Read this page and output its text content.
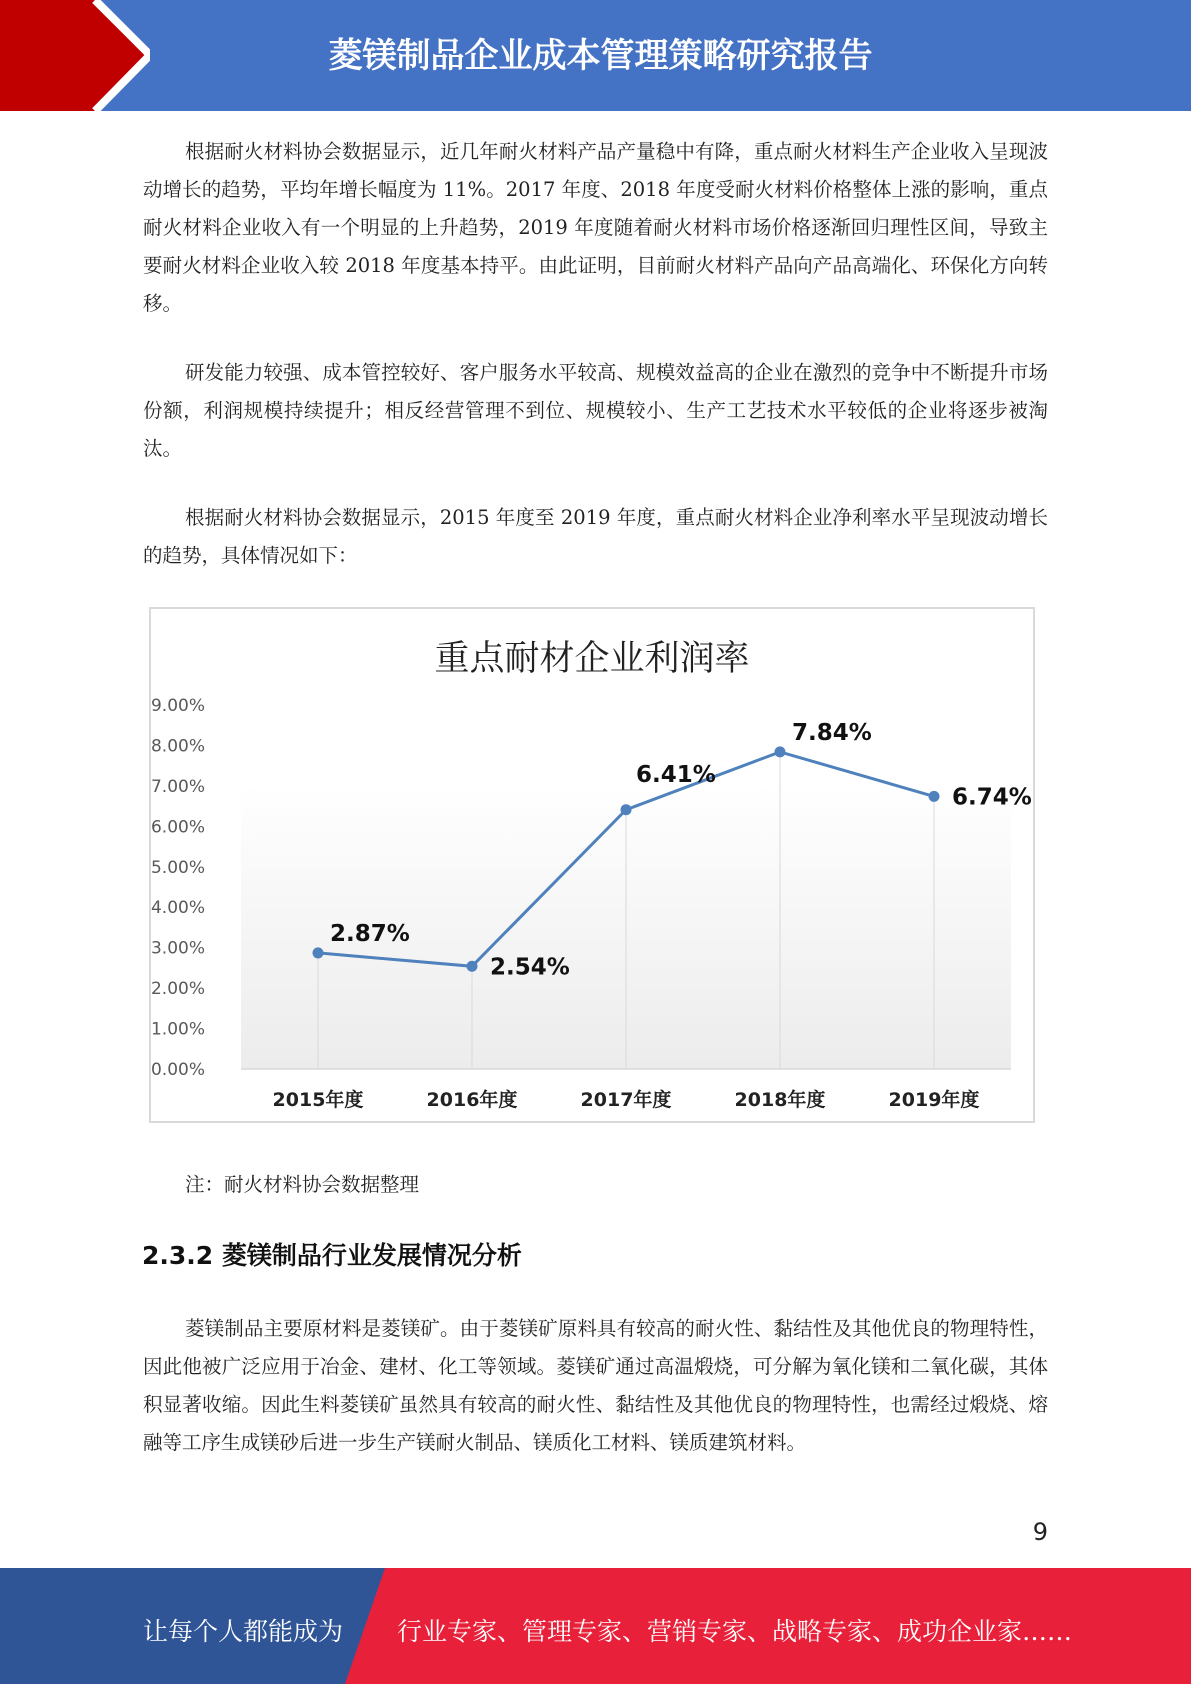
菱镁制品企业成本管理策略研究报告

根据耐火材料协会数据显示，近几年耐火材料产品产量稳中有降，重点耐火材料生产企业收入呈现波动增长的趋势，平均年增长幅度为 11%。2017 年度、2018 年度受耐火材料价格整体上涨的影响，重点耐火材料企业收入有一个明显的上升趋势，2019 年度随着耐火材料市场价格逐渐回归理性区间，导致主要耐火材料企业收入较 2018 年度基本持平。由此证明，目前耐火材料产品向产品高端化、环保化方向转移。

研发能力较强、成本管控较好、客户服务水平较高、规模效益高的企业在激烈的竞争中不断提升市场份额，利润规模持续提升；相反经营管理不到位、规模较小、生产工艺技术水平较低的企业将逐步被淘汰。

根据耐火材料协会数据显示，2015 年度至 2019 年度，重点耐火材料企业净利率水平呈现波动增长的趋势，具体情况如下：

重点耐材企业利润率
0.00%
1.00%
2.00%
3.00%
4.00%
5.00%
6.00%
7.00%
8.00%
9.00%
2015年度	2016年度	2017年度	2018年度	2019年度
2.87%
2.54%
6.41%
7.84%
6.74%
注：耐火材料协会数据整理
2.3.2 菱镁制品行业发展情况分析

菱镁制品主要原材料是菱镁矿。由于菱镁矿原料具有较高的耐火性、黏结性及其他优良的物理特性，因此他被广泛应用于冶金、建材、化工等领域。菱镁矿通过高温煅烧，可分解为氧化镁和二氧化碳，其体积显著收缩。因此生料菱镁矿虽然具有较高的耐火性、黏结性及其他优良的物理特性，也需经过煅烧、熔融等工序生成镁砂后进一步生产镁耐火制品、镁质化工材料、镁质建筑材料。

9
让每个人都能成为 行业专家、管理专家、营销专家、战略专家、成功企业家……
